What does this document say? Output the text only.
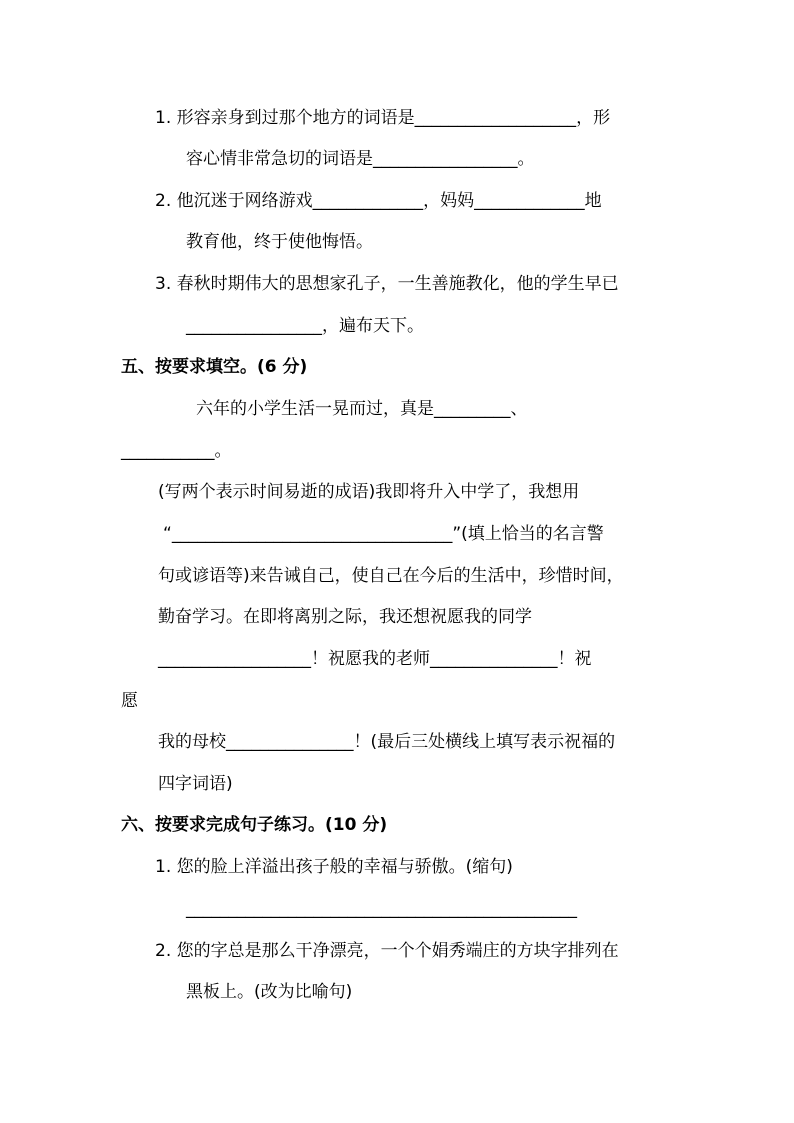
1. 形容亲身到过那个地方的词语是___________________，形
容心情非常急切的词语是_________________。
2. 他沉迷于网络游戏_____________，妈妈_____________地
教育他，终于使他悔悟。
3. 春秋时期伟大的思想家孔子，一生善施教化，他的学生早已
________________，遍布天下。
五、按要求填空。(6 分)
六年的小学生活一晃而过，真是_________、
___________。
(写两个表示时间易逝的成语)我即将升入中学了，我想用
“_________________________________”(填上恰当的名言警
句或谚语等)来告诫自己，使自己在今后的生活中，珍惜时间，
勤奋学习。在即将离别之际，我还想祝愿我的同学
__________________！祝愿我的老师_______________！祝
愿
我的母校_______________！(最后三处横线上填写表示祝福的
四字词语)
六、按要求完成句子练习。(10 分)
1. 您的脸上洋溢出孩子般的幸福与骄傲。(缩句)
______________________________________________
2. 您的字总是那么干净漂亮，一个个娟秀端庄的方块字排列在
黑板上。(改为比喻句)
